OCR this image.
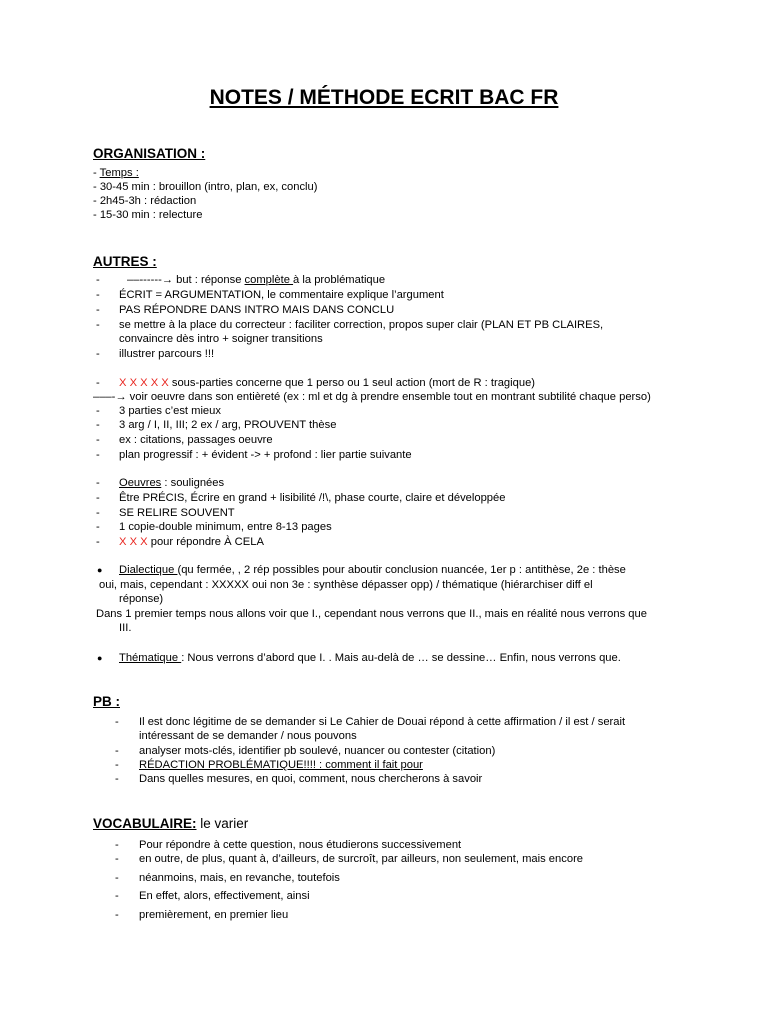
NOTES / MÉTHODE ECRIT BAC FR
ORGANISATION :
- Temps :
- 30-45 min : brouillon (intro, plan, ex, conclu)
- 2h45-3h : rédaction
- 15-30 min : relecture
AUTRES :
- ––------→ but : réponse complète à la problématique
- ÉCRIT = ARGUMENTATION, le commentaire explique l’argument
- PAS RÉPONDRE DANS INTRO MAIS DANS CONCLU
- se mettre à la place du correcteur : faciliter correction, propos super clair (PLAN ET PB CLAIRES,
convaincre dès intro + soigner transitions
- illustrer parcours !!!
- X X X X X sous-parties concerne que 1 perso ou 1 seul action (mort de R : tragique)
–––-→ voir oeuvre dans son entièreté (ex : ml et dg à prendre ensemble tout en montrant subtilité chaque perso)
- 3 parties c’est mieux
- 3 arg / I, II, III; 2 ex / arg, PROUVENT thèse
- ex : citations, passages oeuvre
- plan progressif : + évident -> + profond : lier partie suivante
- Oeuvres : soulignées
- Être PRÉCIS, Écrire en grand + lisibilité /!\, phase courte, claire et développée
- SE RELIRE SOUVENT
- 1 copie-double minimum, entre 8-13 pages
- X X X pour répondre À CELA
● Dialectique (qu fermée, , 2 rép possibles pour aboutir conclusion nuancée, 1er p : antithèse, 2e : thèse
oui, mais, cependant : XXXXX oui non 3e : synthèse dépasser opp) / thématique (hiérarchiser diff el
réponse)
Dans 1 premier temps nous allons voir que I., cependant nous verrons que II., mais en réalité nous verrons que
III.
● Thématique : Nous verrons d’abord que I. . Mais au-delà de … se dessine… Enfin, nous verrons que.
PB :
- Il est donc légitime de se demander si Le Cahier de Douai répond à cette affirmation / il est / serait
intéressant de se demander / nous pouvons
- analyser mots-clés, identifier pb soulevé, nuancer ou contester (citation)
- RÉDACTION PROBLÉMATIQUE!!!! : comment il fait pour
- Dans quelles mesures, en quoi, comment, nous chercherons à savoir
VOCABULAIRE: le varier
- Pour répondre à cette question, nous étudierons successivement
- en outre, de plus, quant à, d’ailleurs, de surcroît, par ailleurs, non seulement, mais encore
- néanmoins, mais, en revanche, toutefois
- En effet, alors, effectivement, ainsi
- premièrement, en premier lieu
